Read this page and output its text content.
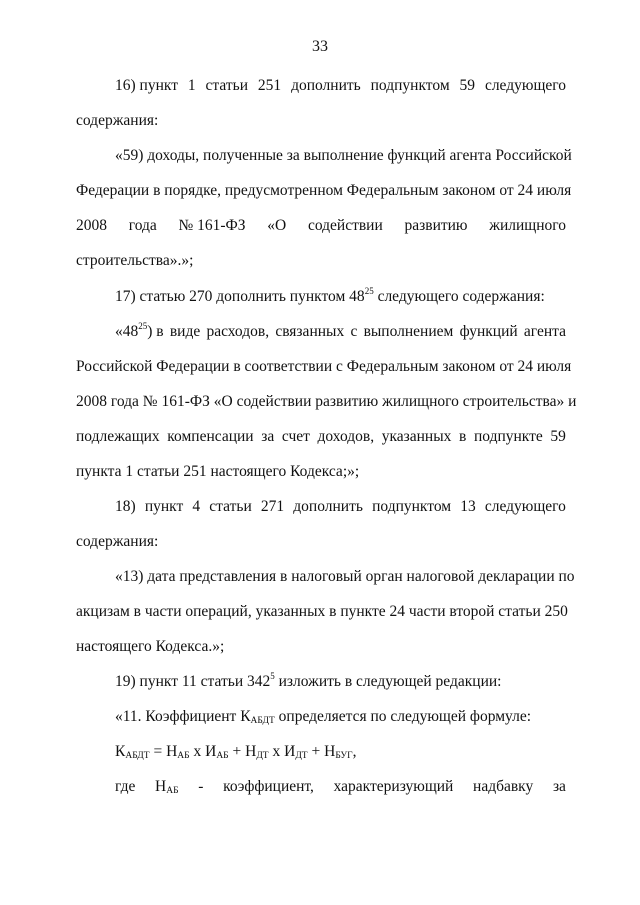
33
16) пункт 1 статьи 251 дополнить подпунктом 59 следующего
содержания:
«59) доходы, полученные за выполнение функций агента Российской
Федерации в порядке, предусмотренном Федеральным законом от 24 июля
2008 года № 161-ФЗ «О содействии развитию жилищного
строительства».»;
17) статью 270 дополнить пунктом $48^{25}$ следующего содержания:
«$48^{25}$) в виде расходов, связанных с выполнением функций агента
Российской Федерации в соответствии с Федеральным законом от 24 июля
2008 года № 161-ФЗ «О содействии развитию жилищного строительства» и
подлежащих компенсации за счет доходов, указанных в подпункте 59
пункта 1 статьи 251 настоящего Кодекса;»;
18) пункт 4 статьи 271 дополнить подпунктом 13 следующего
содержания:
«13) дата представления в налоговый орган налоговой декларации по
акцизам в части операций, указанных в пункте 24 части второй статьи 250
настоящего Кодекса.»;
19) пункт 11 статьи $342^5$ изложить в следующей редакции:
«11. Коэффициент $К_{АБДТ}$ определяется по следующей формуле:
$К_{АБДТ} = Н_{АБ}$ х $И_{АБ} + Н_{ДТ}$ х $И_{ДТ} + Н_{БУГ}$,
где $Н_{АБ}$ - коэффициент, характеризующий надбавку за
